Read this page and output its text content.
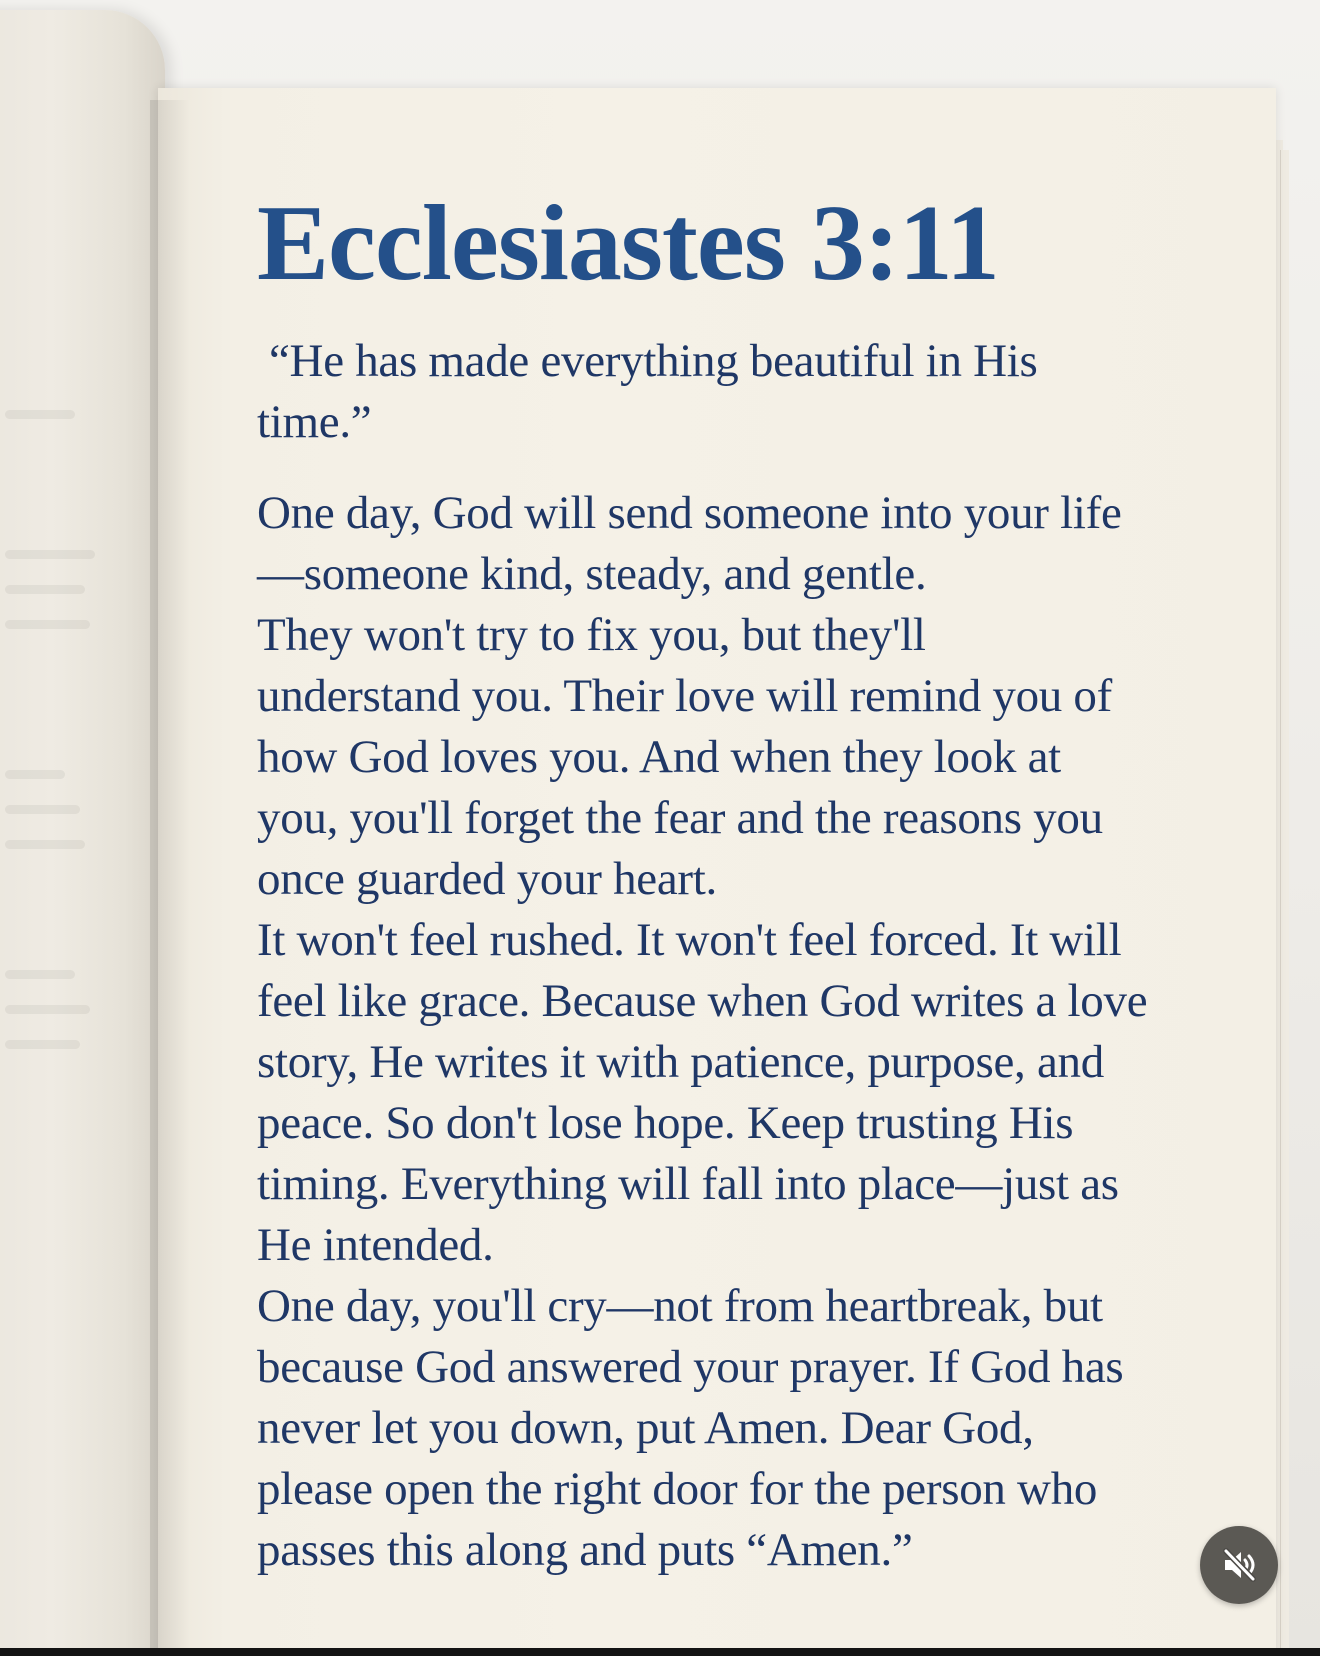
Ecclesiastes 3:11
“He has made everything beautiful in His
time.”
One day, God will send someone into your life
—someone kind, steady, and gentle.
They won't try to fix you, but they'll
understand you. Their love will remind you of
how God loves you. And when they look at
you, you'll forget the fear and the reasons you
once guarded your heart.
It won't feel rushed. It won't feel forced. It will
feel like grace. Because when God writes a love
story, He writes it with patience, purpose, and
peace. So don't lose hope. Keep trusting His
timing. Everything will fall into place—just as
He intended.
One day, you'll cry—not from heartbreak, but
because God answered your prayer. If God has
never let you down, put Amen. Dear God,
please open the right door for the person who
passes this along and puts “Amen.”
